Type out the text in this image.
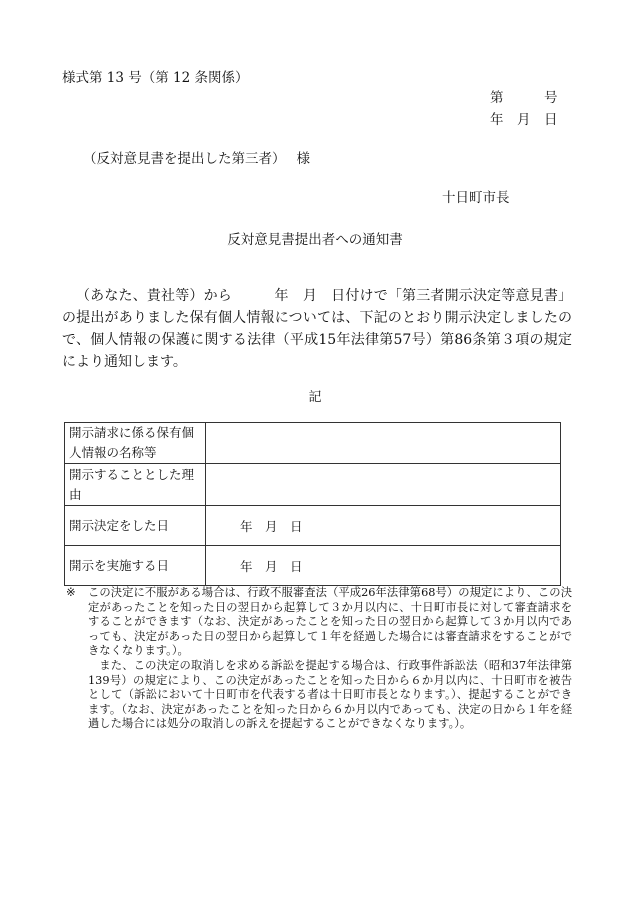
様式第 13 号（第 12 条関係）
第　　　号
年　月　日
（反対意見書を提出した第三者）　 様
十日町市長
反対意見書提出者への通知書
（あなた、貴社等）から　　　年　月　日付けで「第三者開示決定等意見書」の提出がありました保有個人情報については、下記のとおり開示決定しましたので、個人情報の保護に関する法律（平成15年法律第57号）第86条第３項の規定により通知します。
記
開示請求に係る保有個人情報の名称等	
開示することとした理由	
開示決定をした日	年　月　日
開示を実施する日	年　月　日
※	この決定に不服がある場合は、行政不服審査法（平成26年法律第68号）の規定により、この決定があったことを知った日の翌日から起算して３か月以内に、十日町市長に対して審査請求をすることができます（なお、決定があったことを知った日の翌日から起算して３か月以内であっても、決定があった日の翌日から起算して１年を経過した場合には審査請求をすることができなくなります。）。
また、この決定の取消しを求める訴訟を提起する場合は、行政事件訴訟法（昭和37年法律第139号）の規定により、この決定があったことを知った日から６か月以内に、十日町市を被告として（訴訟において十日町市を代表する者は十日町市長となります。）、提起することができます。（なお、決定があったことを知った日から６か月以内であっても、決定の日から１年を経過した場合には処分の取消しの訴えを提起することができなくなります。）。
